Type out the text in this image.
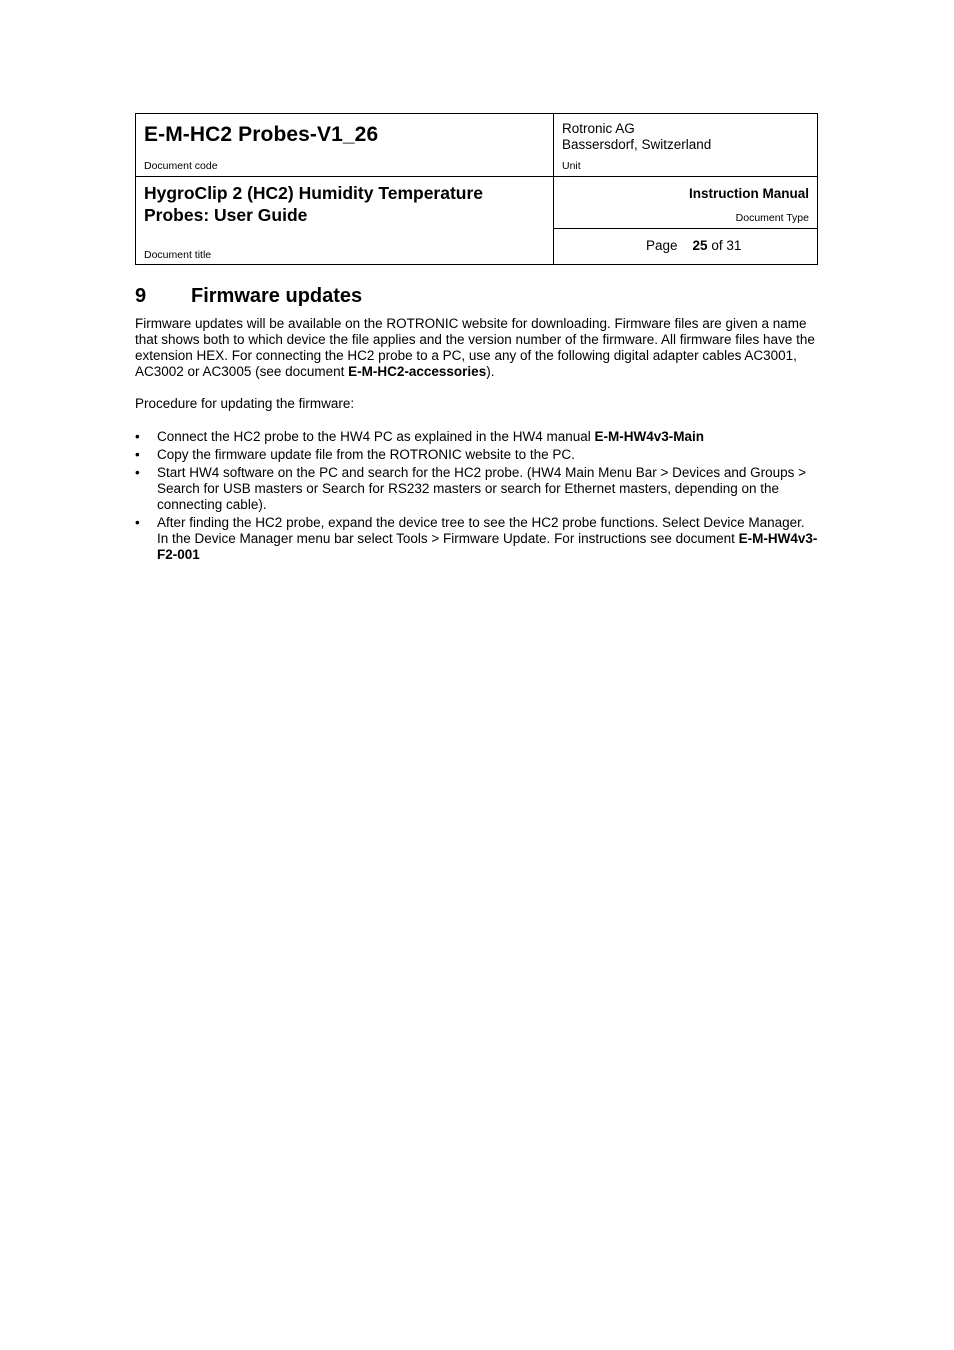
E-M-HC2 Probes-V1_26
Document code
Rotronic AG
Bassersdorf, Switzerland
Unit
HygroClip 2 (HC2) Humidity Temperature Probes: User Guide
Document title
Instruction Manual
Document Type
Page 25 of 31
9 Firmware updates
Firmware updates will be available on the ROTRONIC website for downloading. Firmware files are given a name that shows both to which device the file applies and the version number of the firmware. All firmware files have the extension HEX. For connecting the HC2 probe to a PC, use any of the following digital adapter cables AC3001, AC3002 or AC3005 (see document E-M-HC2-accessories).
Procedure for updating the firmware:
• Connect the HC2 probe to the HW4 PC as explained in the HW4 manual E-M-HW4v3-Main
• Copy the firmware update file from the ROTRONIC website to the PC.
• Start HW4 software on the PC and search for the HC2 probe. (HW4 Main Menu Bar > Devices and Groups > Search for USB masters or Search for RS232 masters or search for Ethernet masters, depending on the connecting cable).
• After finding the HC2 probe, expand the device tree to see the HC2 probe functions. Select Device Manager. In the Device Manager menu bar select Tools > Firmware Update. For instructions see document E-M-HW4v3-F2-001
